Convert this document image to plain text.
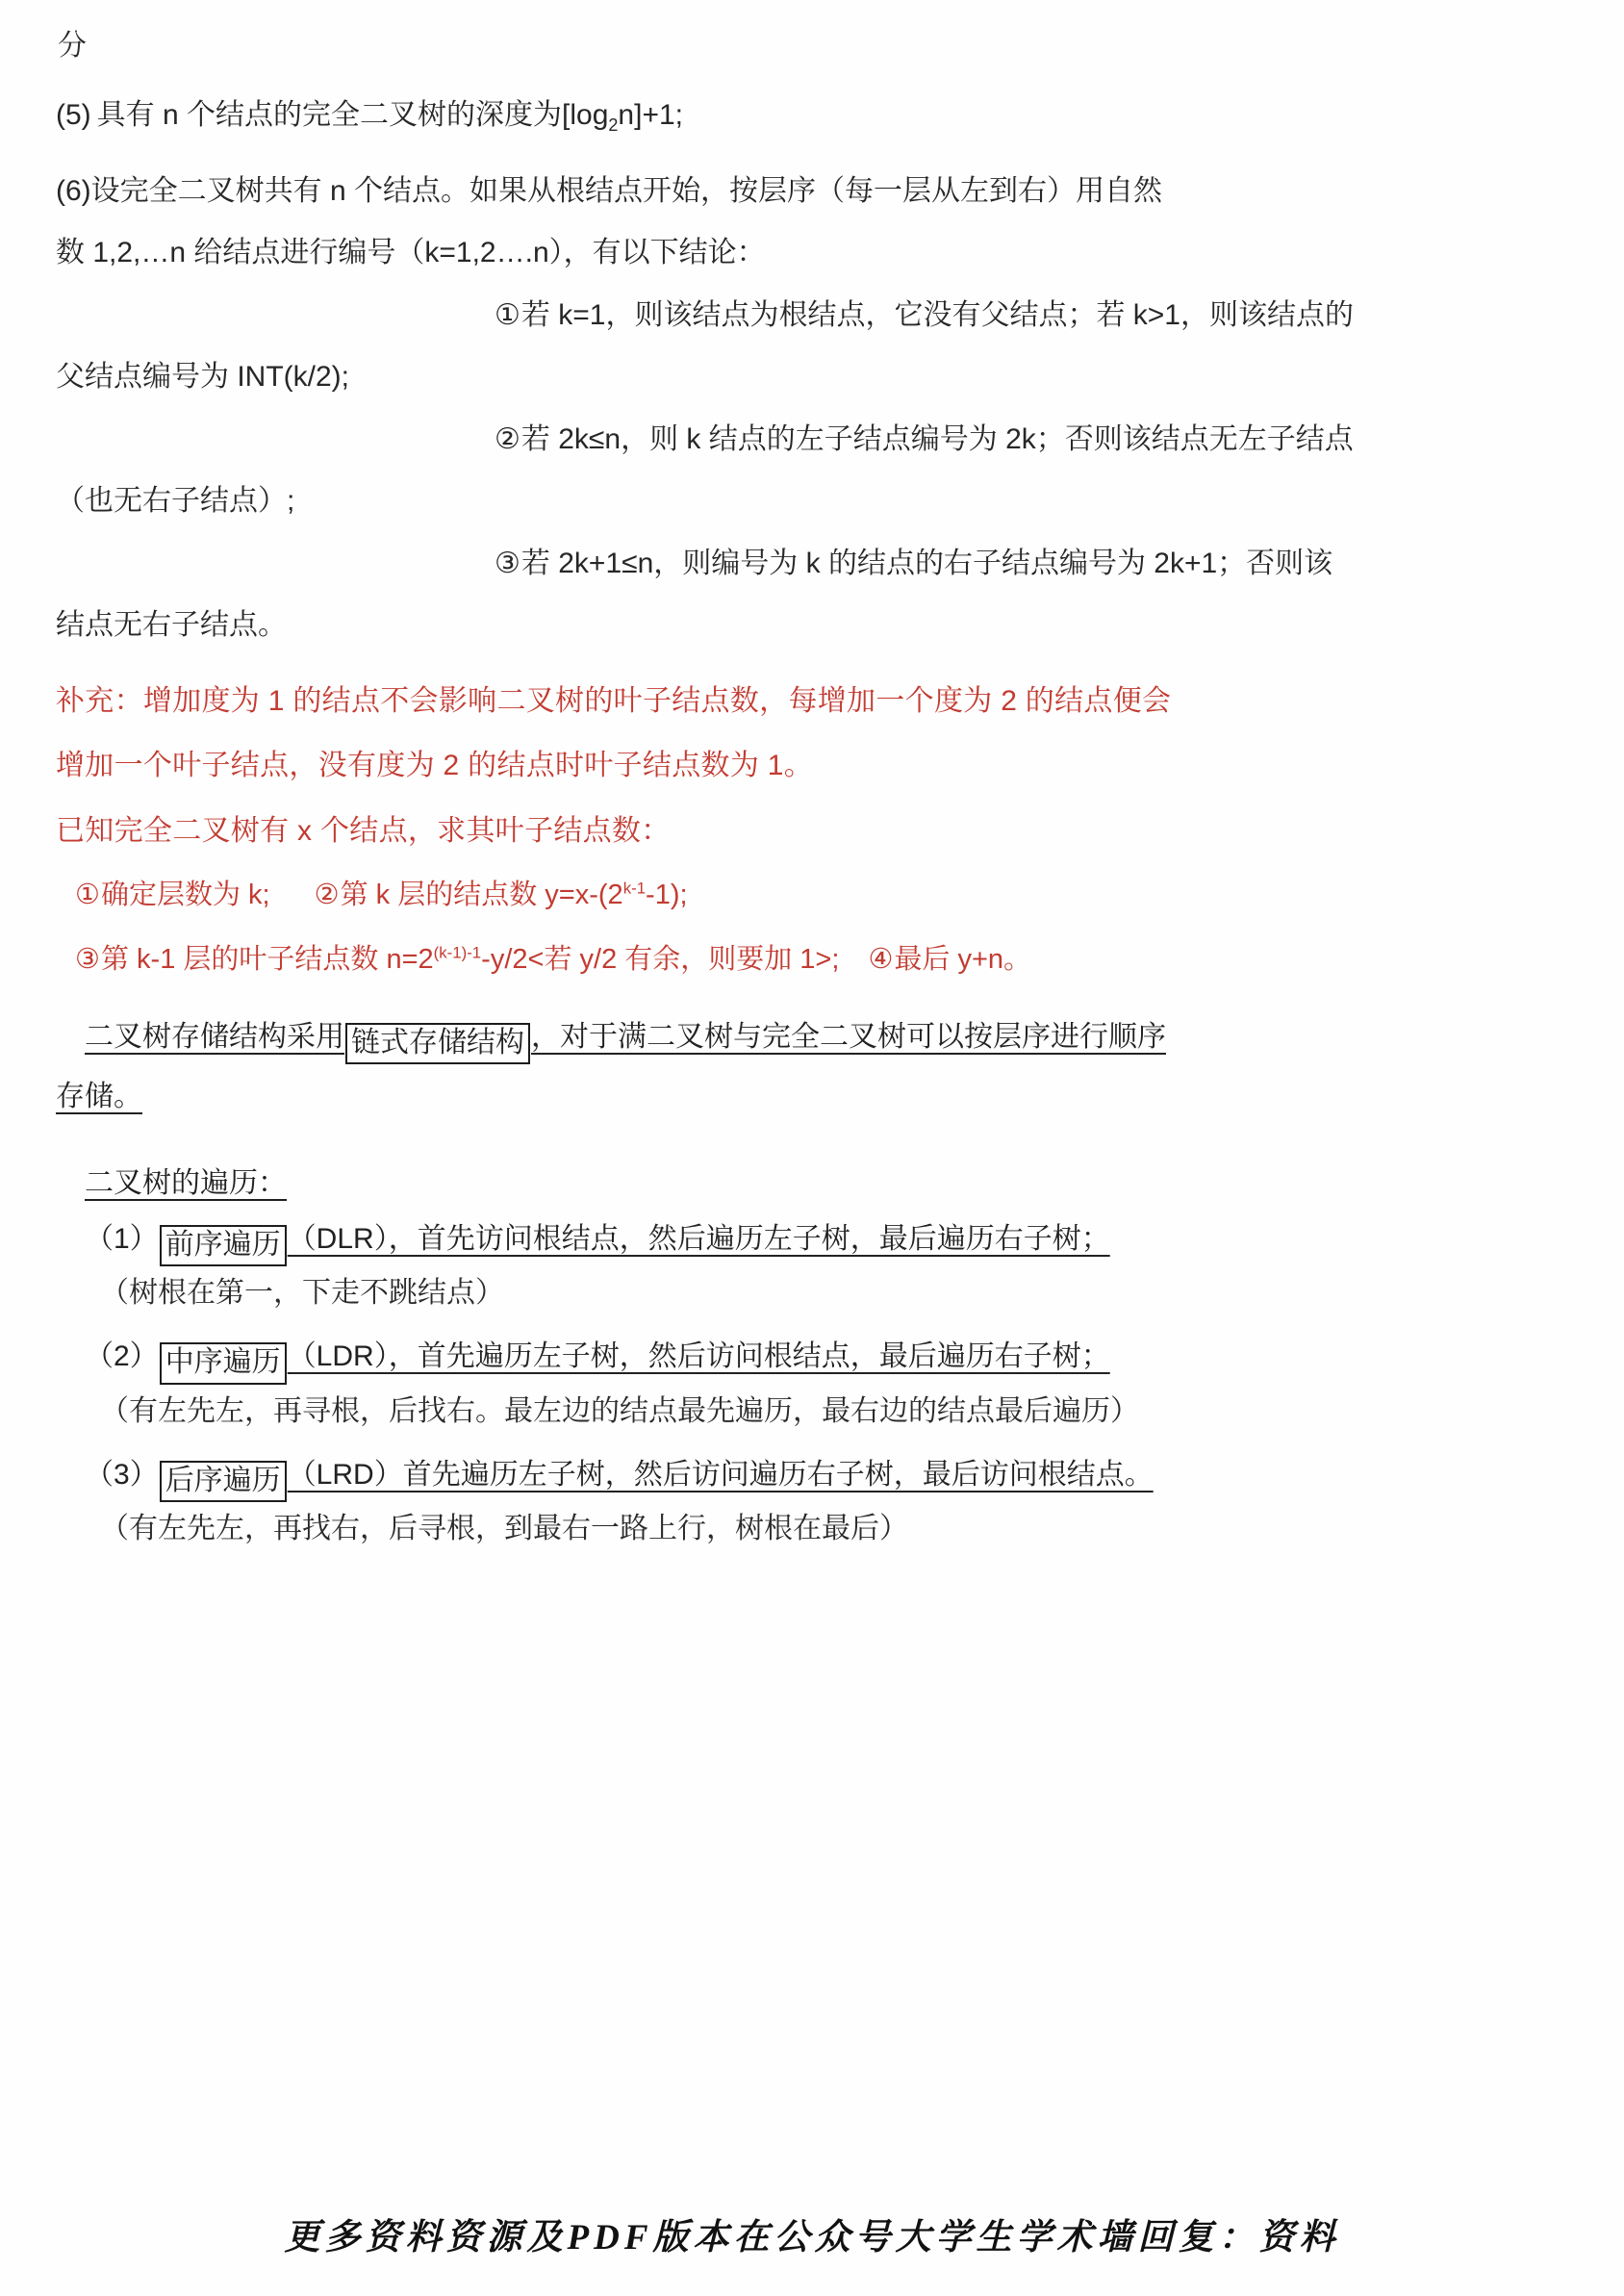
分

(5) 具有 n 个结点的完全二叉树的深度为$[\log_2n]+1$;

(6)设完全二叉树共有 n 个结点。如果从根结点开始，按层序（每一层从左到右）用自然

数 1,2,…n 给结点进行编号（k=1,2….n），有以下结论：

①若 k=1，则该结点为根结点，它没有父结点；若 k>1，则该结点的

父结点编号为 INT(k/2);

②若 2k≤n，则 k 结点的左子结点编号为 2k；否则该结点无左子结点

（也无右子结点）;

③若 2k+1≤n，则编号为 k 的结点的右子结点编号为 2k+1；否则该

结点无右子结点。

补充：增加度为 1 的结点不会影响二叉树的叶子结点数，每增加一个度为 2 的结点便会

增加一个叶子结点，没有度为 2 的结点时叶子结点数为 1。

已知完全二叉树有 x 个结点，求其叶子结点数：

①确定层数为 k; ②第 k 层的结点数 $y=x-(2^{k-1}-1)$;

③第 k-1 层的叶子结点数 $n=2^{(k-1)-1}-y/2<$若 y/2 有余，则要加 1>; ④最后 y+n。

二叉树存储结构采用 链式存储结构 ，对于满二叉树与完全二叉树可以按层序进行顺序

存储。

二叉树的遍历：

（1） 前序遍历 （DLR），首先访问根结点，然后遍历左子树，最后遍历右子树；

（树根在第一，下走不跳结点）

（2） 中序遍历 （LDR），首先遍历左子树，然后访问根结点，最后遍历右子树；

（有左先左，再寻根，后找右。最左边的结点最先遍历，最右边的结点最后遍历）

（3） 后序遍历 （LRD）首先遍历左子树，然后访问遍历右子树，最后访问根结点。

（有左先左，再找右，后寻根，到最右一路上行，树根在最后）

更多资料资源及PDF版本在公众号大学生学术墙回复：资料
